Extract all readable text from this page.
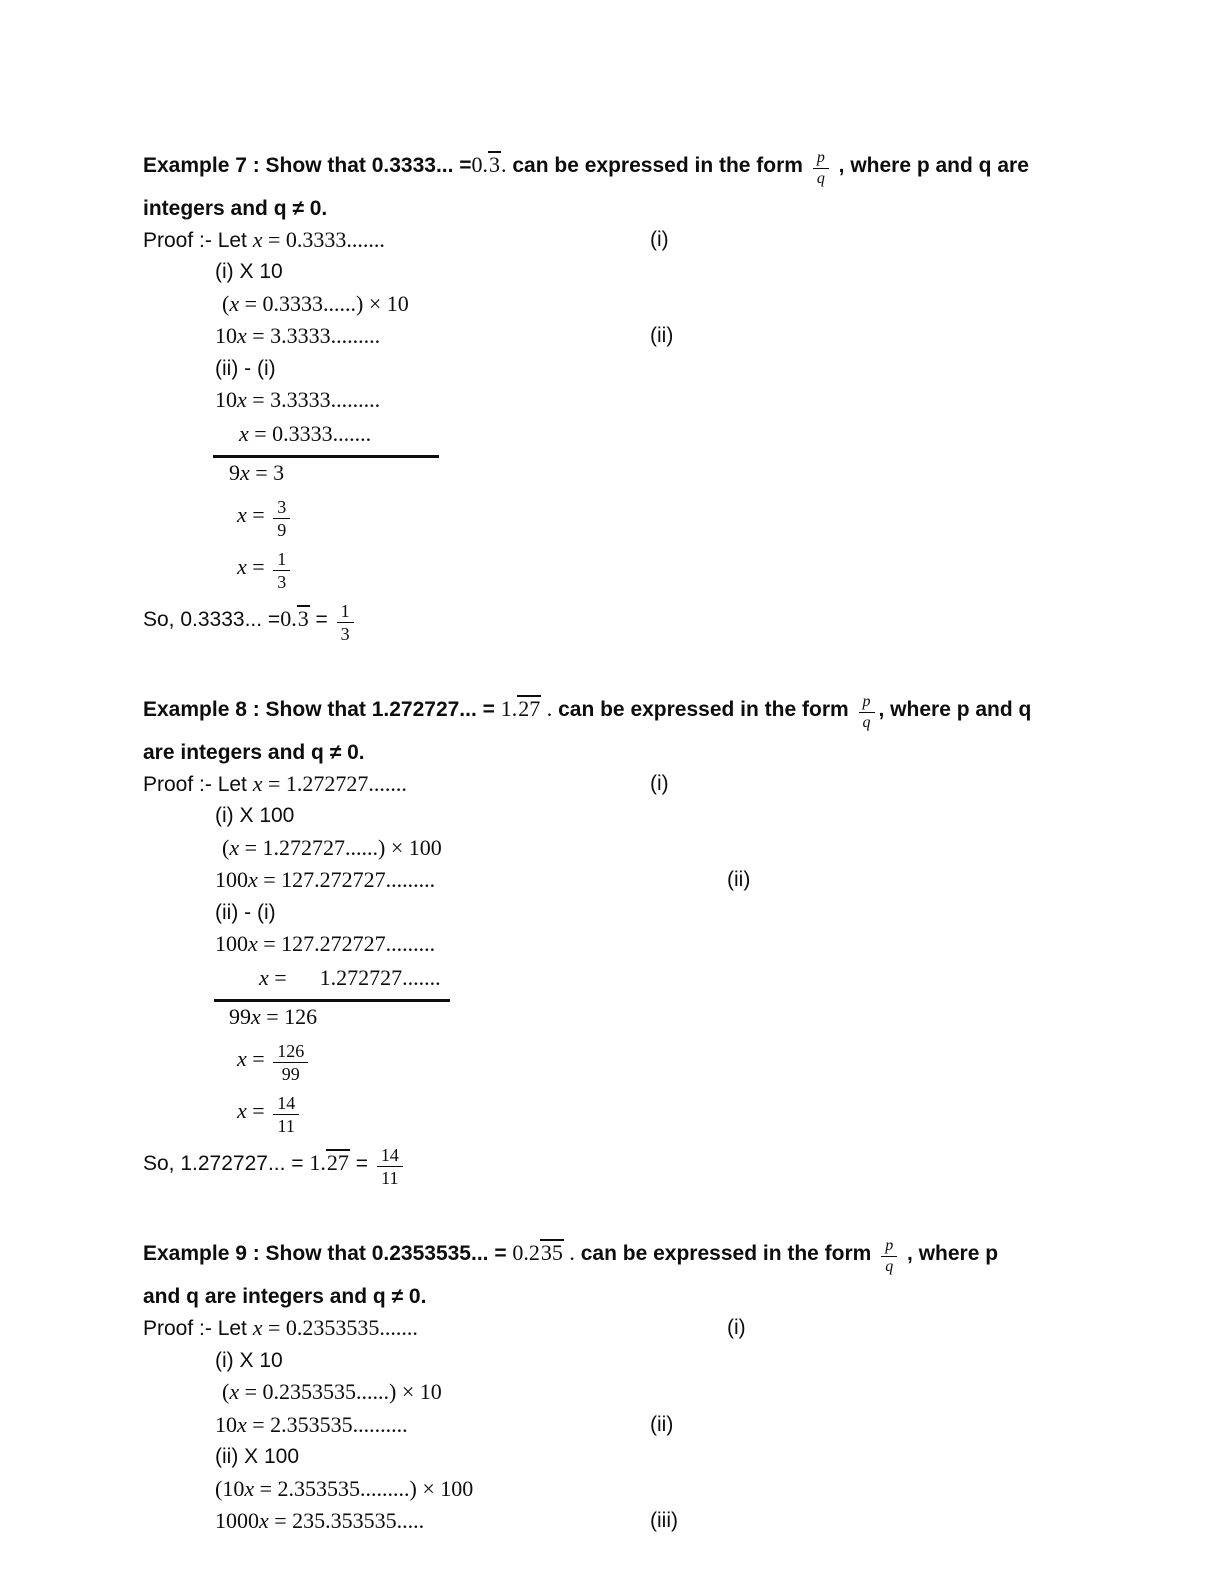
Example 7 : Show that 0.3333... =0.3. can be expressed in the form $\frac{p}{q}$ , where p and q are
integers and q ≠ 0.
Proof :- Let x = 0.3333.......	(i)
(i) X 10
(x = 0.3333......) × 10
10x = 3.3333.........	(ii)
(ii) - (i)
10x = 3.3333.........
x = 0.3333.......
9x = 3
$x = \frac{3}{9}$
$x = \frac{1}{3}$
So, 0.3333... $=0.3 = \frac{1}{3}$
Example 8 : Show that 1.272727... = 1.27 . can be expressed in the form $\frac{p}{q}$ , where p and q
are integers and q ≠ 0.
Proof :- Let x = 1.272727.......	(i)
(i) X 100
(x = 1.272727......) × 100
100x = 127.272727.........	(ii)
(ii) - (i)
100x = 127.272727.........
x =      1.272727.......
99x = 126
$x = \frac{126}{99}$
$x = \frac{14}{11}$
So, 1.272727... = $1.27 = \frac{14}{11}$
Example 9 : Show that 0.2353535... = 0.235 . can be expressed in the form $\frac{p}{q}$ , where p
and q are integers and q ≠ 0.
Proof :- Let x = 0.2353535.......	(i)
(i) X 10
(x = 0.2353535......) × 10
10x = 2.353535..........	(ii)
(ii) X 100
(10x = 2.353535.........) × 100
1000x = 235.353535.....	(iii)
